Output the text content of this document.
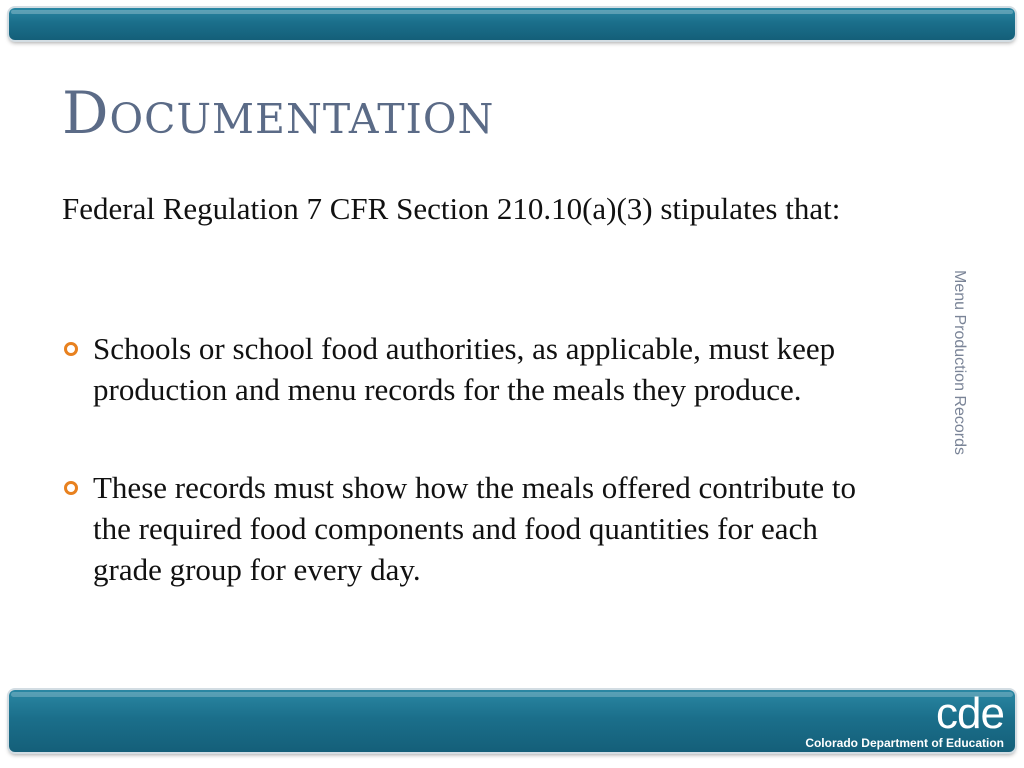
Documentation

Federal Regulation 7 CFR Section 210.10(a)(3) stipulates that:

Schools or school food authorities, as applicable, must keep production and menu records for the meals they produce.
These records must show how the meals offered contribute to the required food components and food quantities for each grade group for every day.
Menu Production Records
cde
Colorado Department of Education
